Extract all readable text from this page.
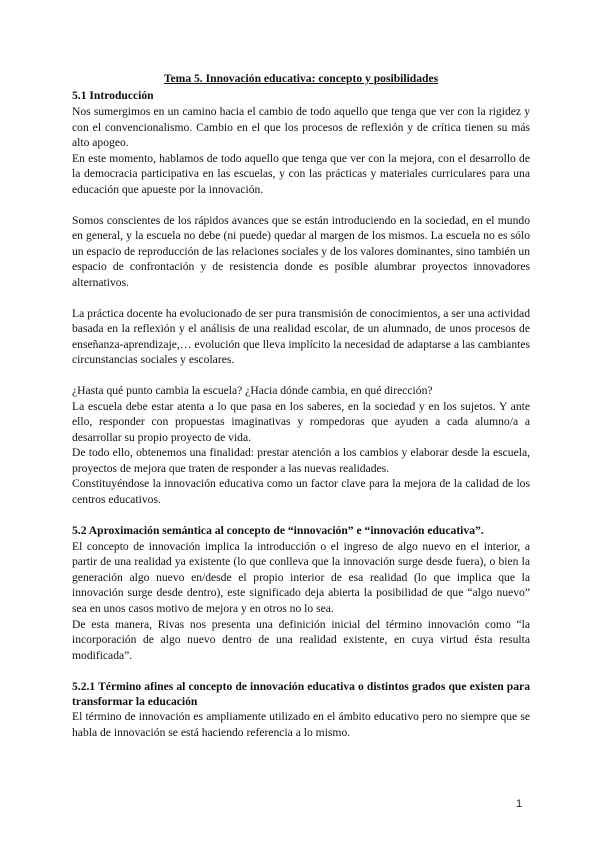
Tema 5. Innovación educativa: concepto y posibilidades
5.1 Introducción

Nos sumergimos en un camino hacia el cambio de todo aquello que tenga que ver con la rigidez y con el convencionalismo. Cambio en el que los procesos de reflexión y de crítica tienen su más alto apogeo.

En este momento, hablamos de todo aquello que tenga que ver con la mejora, con el desarrollo de la democracia participativa en las escuelas, y con las prácticas y materiales curriculares para una educación que apueste por la innovación.

Somos conscientes de los rápidos avances que se están introduciendo en la sociedad, en el mundo en general, y la escuela no debe (ni puede) quedar al margen de los mismos. La escuela no es sólo un espacio de reproducción de las relaciones sociales y de los valores dominantes, sino también un espacio de confrontación y de resistencia donde es posible alumbrar proyectos innovadores alternativos.

La práctica docente ha evolucionado de ser pura transmisión de conocimientos, a ser una actividad basada en la reflexión y el análisis de una realidad escolar, de un alumnado, de unos procesos de enseñanza-aprendizaje,… evolución que lleva implícito la necesidad de adaptarse a las cambiantes circunstancias sociales y escolares.

¿Hasta qué punto cambia la escuela? ¿Hacia dónde cambia, en qué dirección?

La escuela debe estar atenta a lo que pasa en los saberes, en la sociedad y en los sujetos. Y ante ello, responder con propuestas imaginativas y rompedoras que ayuden a cada alumno/a a desarrollar su propio proyecto de vida.

De todo ello, obtenemos una finalidad: prestar atención a los cambios y elaborar desde la escuela, proyectos de mejora que traten de responder a las nuevas realidades.

Constituyéndose la innovación educativa como un factor clave para la mejora de la calidad de los centros educativos.

5.2 Aproximación semántica al concepto de “innovación” e “innovación educativa”.

El concepto de innovación implica la introducción o el ingreso de algo nuevo en el interior, a partir de una realidad ya existente (lo que conlleva que la innovación surge desde fuera), o bien la generación algo nuevo en/desde el propio interior de esa realidad (lo que implica que la innovación surge desde dentro), este significado deja abierta la posibilidad de que “algo nuevo” sea en unos casos motivo de mejora y en otros no lo sea.

De esta manera, Rivas nos presenta una definición inicial del término innovación como “la incorporación de algo nuevo dentro de una realidad existente, en cuya virtud ésta resulta modificada”.

5.2.1 Término afines al concepto de innovación educativa o distintos grados que existen para transformar la educación

El término de innovación es ampliamente utilizado en el ámbito educativo pero no siempre que se habla de innovación se está haciendo referencia a lo mismo.

1
